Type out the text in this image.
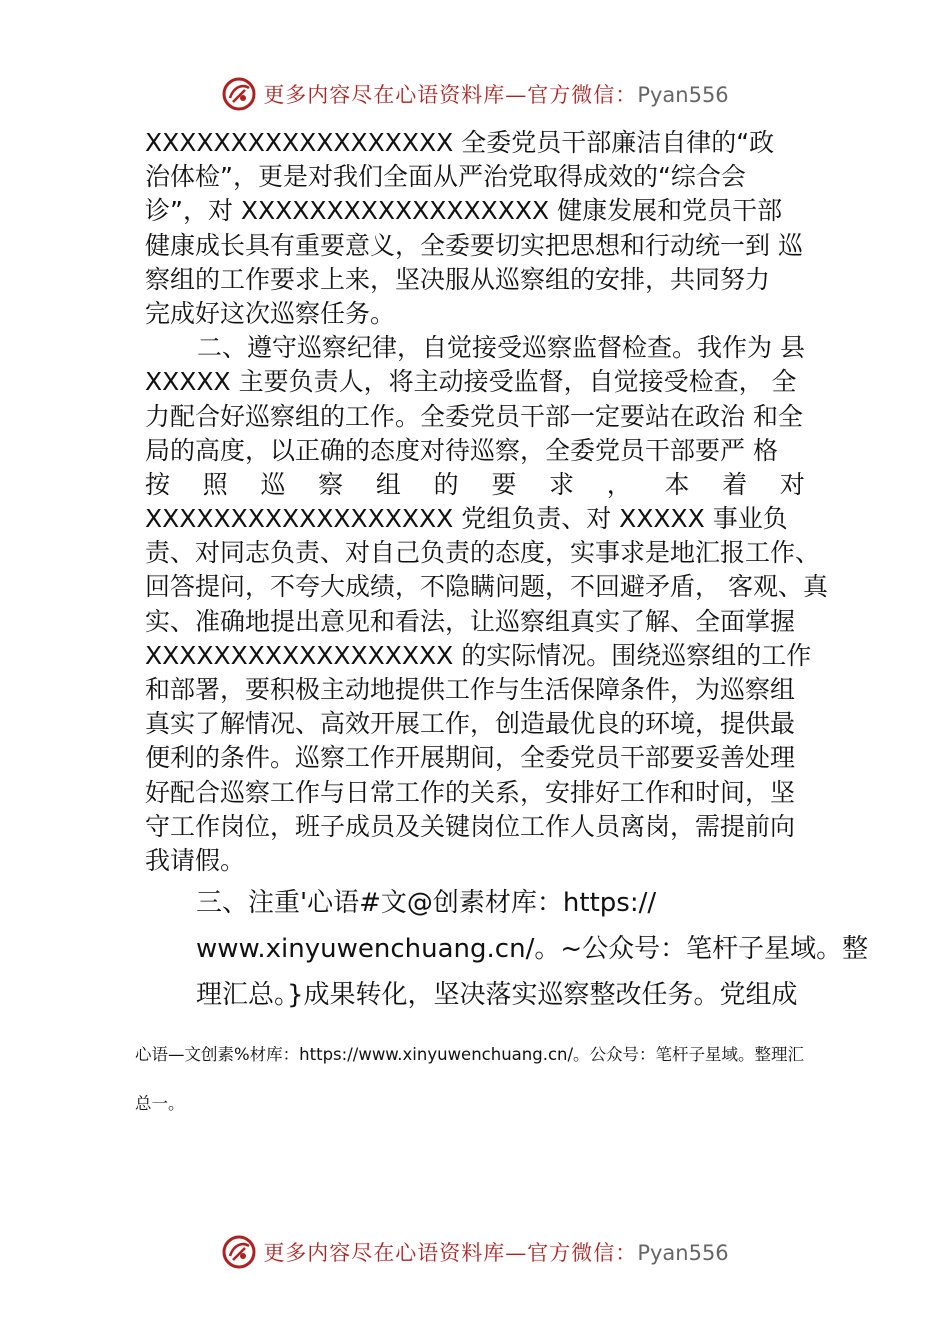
更多内容尽在心语资料库—官方微信：Pyan556
XXXXXXXXXXXXXXXXXX 全委党员干部廉洁自律的“政
治体检”，更是对我们全面从严治党取得成效的“综合会
诊”，对 XXXXXXXXXXXXXXXXXX 健康发展和党员干部
健康成长具有重要意义，全委要切实把思想和行动统一到 巡
察组的工作要求上来，坚决服从巡察组的安排，共同努力
完成好这次巡察任务。
二、遵守巡察纪律，自觉接受巡察监督检查。我作为 县
XXXXX 主要负责人，将主动接受监督，自觉接受检查， 全
力配合好巡察组的工作。全委党员干部一定要站在政治 和全
局的高度，以正确的态度对待巡察，全委党员干部要严 格
按 照 巡 察 组 的 要 求 ， 本 着 对
XXXXXXXXXXXXXXXXXX 党组负责、对 XXXXX 事业负
责、对同志负责、对自己负责的态度，实事求是地汇报工作、
回答提问，不夸大成绩，不隐瞒问题，不回避矛盾， 客观、真
实、准确地提出意见和看法，让巡察组真实了解、全面掌握
XXXXXXXXXXXXXXXXXX 的实际情况。围绕巡察组的工作
和部署，要积极主动地提供工作与生活保障条件，为巡察组
真实了解情况、高效开展工作，创造最优良的环境，提供最
便利的条件。巡察工作开展期间，全委党员干部要妥善处理
好配合巡察工作与日常工作的关系，安排好工作和时间，坚
守工作岗位，班子成员及关键岗位工作人员离岗，需提前向
我请假。
三、注重'心语#文@创素材库：https://
www.xinyuwenchuang.cn/。~公众号：笔杆子星域。整
理汇总。}成果转化，坚决落实巡察整改任务。党组成
心语—文创素%材库：https://www.xinyuwenchuang.cn/。公众号：笔杆子星域。整理汇
总一。
更多内容尽在心语资料库—官方微信：Pyan556
